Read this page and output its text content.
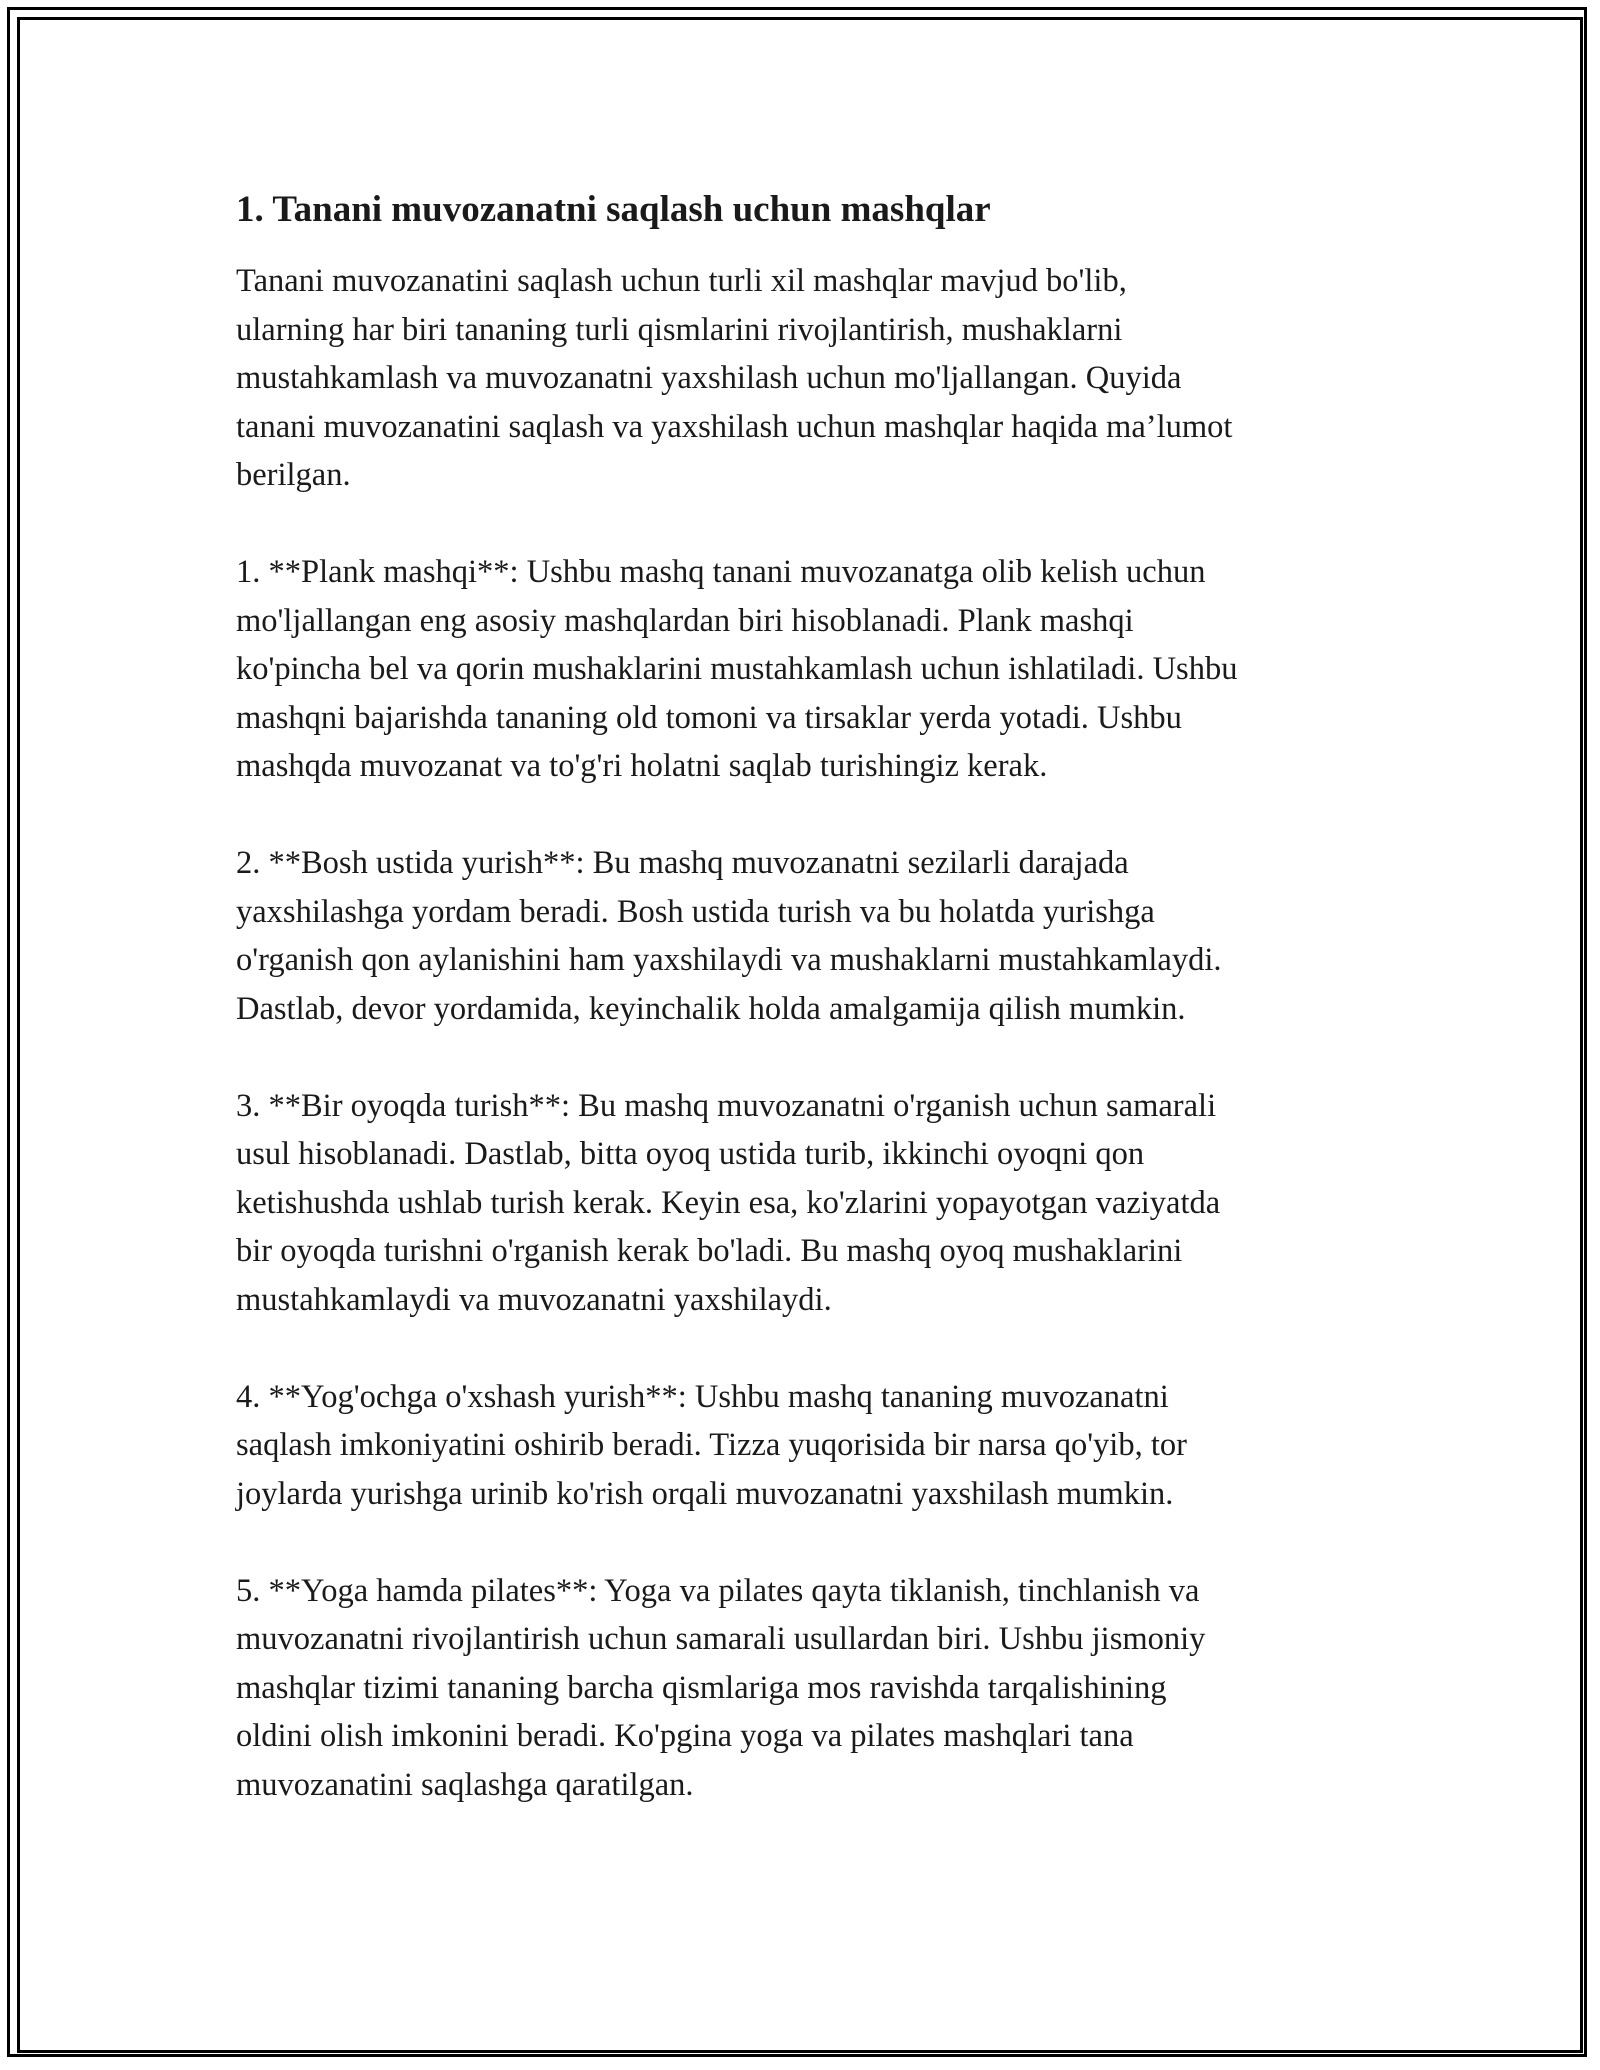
1. Tanani muvozanatni saqlash uchun mashqlar

Tanani muvozanatini saqlash uchun turli xil mashqlar mavjud bo'lib,
ularning har biri tananing turli qismlarini rivojlantirish, mushaklarni
mustahkamlash va muvozanatni yaxshilash uchun mo'ljallangan. Quyida
tanani muvozanatini saqlash va yaxshilash uchun mashqlar haqida ma’lumot
berilgan.

1. **Plank mashqi**: Ushbu mashq tanani muvozanatga olib kelish uchun
mo'ljallangan eng asosiy mashqlardan biri hisoblanadi. Plank mashqi
ko'pincha bel va qorin mushaklarini mustahkamlash uchun ishlatiladi. Ushbu
mashqni bajarishda tananing old tomoni va tirsaklar yerda yotadi. Ushbu
mashqda muvozanat va to'g'ri holatni saqlab turishingiz kerak.

2. **Bosh ustida yurish**: Bu mashq muvozanatni sezilarli darajada
yaxshilashga yordam beradi. Bosh ustida turish va bu holatda yurishga
o'rganish qon aylanishini ham yaxshilaydi va mushaklarni mustahkamlaydi.
Dastlab, devor yordamida, keyinchalik holda amalgamija qilish mumkin.

3. **Bir oyoqda turish**: Bu mashq muvozanatni o'rganish uchun samarali
usul hisoblanadi. Dastlab, bitta oyoq ustida turib, ikkinchi oyoqni qon
ketishushda ushlab turish kerak. Keyin esa, ko'zlarini yopayotgan vaziyatda
bir oyoqda turishni o'rganish kerak bo'ladi. Bu mashq oyoq mushaklarini
mustahkamlaydi va muvozanatni yaxshilaydi.

4. **Yog'ochga o'xshash yurish**: Ushbu mashq tananing muvozanatni
saqlash imkoniyatini oshirib beradi. Tizza yuqorisida bir narsa qo'yib, tor
joylarda yurishga urinib ko'rish orqali muvozanatni yaxshilash mumkin.

5. **Yoga hamda pilates**: Yoga va pilates qayta tiklanish, tinchlanish va
muvozanatni rivojlantirish uchun samarali usullardan biri. Ushbu jismoniy
mashqlar tizimi tananing barcha qismlariga mos ravishda tarqalishining
oldini olish imkonini beradi. Ko'pgina yoga va pilates mashqlari tana
muvozanatini saqlashga qaratilgan.
